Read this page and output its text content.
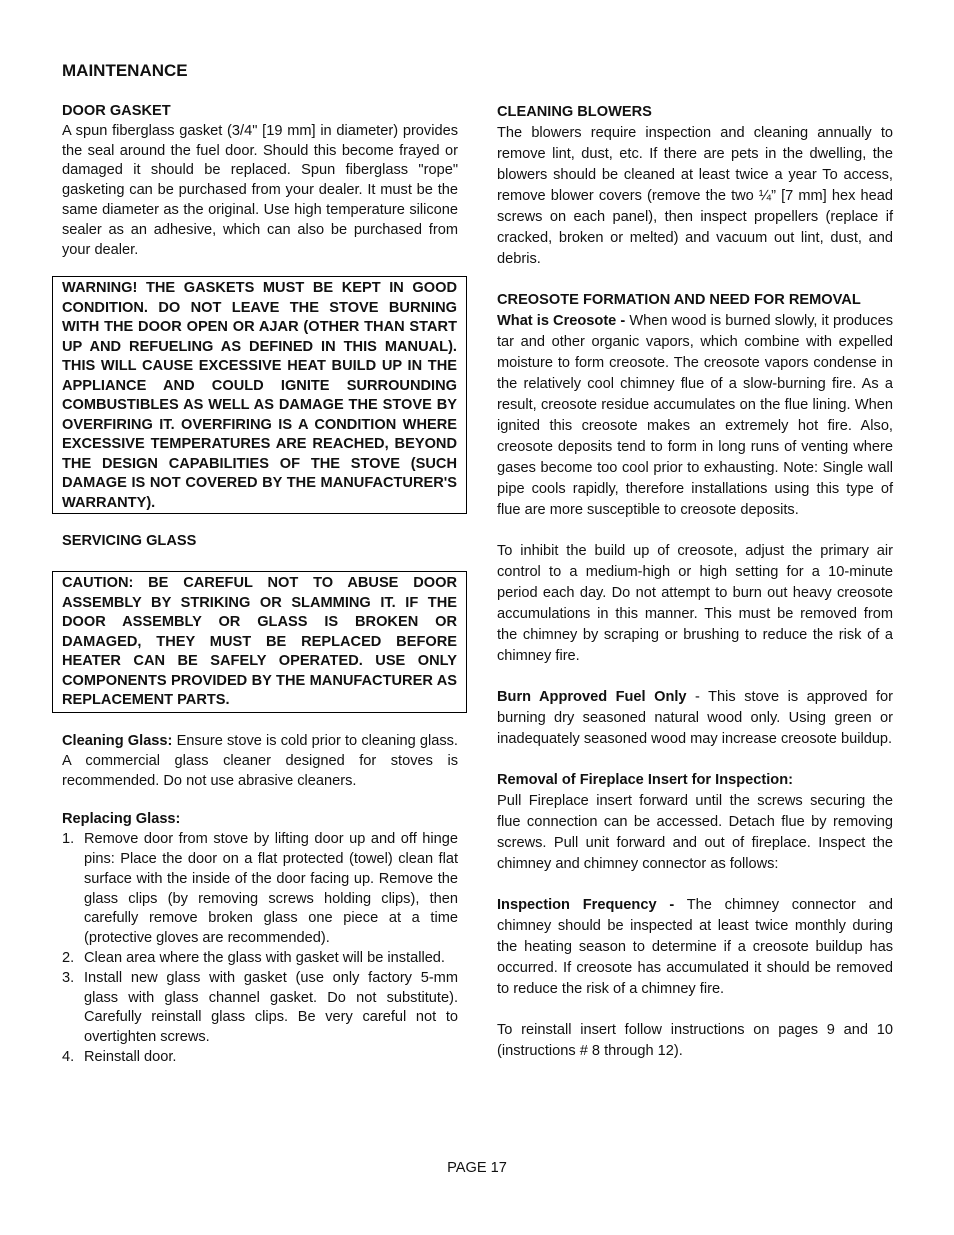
MAINTENANCE
DOOR GASKET

A spun fiberglass gasket (3/4" [19 mm] in diameter) provides the seal around the fuel door. Should this become frayed or damaged it should be replaced. Spun fiberglass "rope" gasketing can be purchased from your dealer. It must be the same diameter as the original. Use high temperature silicone sealer as an adhesive, which can also be purchased from your dealer.

WARNING! THE GASKETS MUST BE KEPT IN GOOD CONDITION. DO NOT LEAVE THE STOVE BURNING WITH THE DOOR OPEN OR AJAR (OTHER THAN START UP AND REFUELING AS DEFINED IN THIS MANUAL). THIS WILL CAUSE EXCESSIVE HEAT BUILD UP IN THE APPLIANCE AND COULD IGNITE SURROUNDING COMBUSTIBLES AS WELL AS DAMAGE THE STOVE BY OVERFIRING IT. OVERFIRING IS A CONDITION WHERE EXCESSIVE TEMPERATURES ARE REACHED, BEYOND THE DESIGN CAPABILITIES OF THE STOVE (SUCH DAMAGE IS NOT COVERED BY THE MANUFACTURER'S WARRANTY).
SERVICING GLASS
CAUTION: BE CAREFUL NOT TO ABUSE DOOR ASSEMBLY BY STRIKING OR SLAMMING IT. IF THE DOOR ASSEMBLY OR GLASS IS BROKEN OR DAMAGED, THEY MUST BE REPLACED BEFORE HEATER CAN BE SAFELY OPERATED. USE ONLY COMPONENTS PROVIDED BY THE MANUFACTURER AS REPLACEMENT PARTS.

Cleaning Glass: Ensure stove is cold prior to cleaning glass. A commercial glass cleaner designed for stoves is recommended. Do not use abrasive cleaners.

Replacing Glass:
1. Remove door from stove by lifting door up and off hinge pins: Place the door on a flat protected (towel) clean flat surface with the inside of the door facing up. Remove the glass clips (by removing screws holding clips), then carefully remove broken glass one piece at a time (protective gloves are recommended).
2. Clean area where the glass with gasket will be installed.
3. Install new glass with gasket (use only factory 5-mm glass with glass channel gasket. Do not substitute). Carefully reinstall glass clips. Be very careful not to overtighten screws.
4. Reinstall door.
CLEANING BLOWERS

The blowers require inspection and cleaning annually to remove lint, dust, etc. If there are pets in the dwelling, the blowers should be cleaned at least twice a year To access, remove blower covers (remove the two ¼” [7 mm] hex head screws on each panel), then inspect propellers (replace if cracked, broken or melted) and vacuum out lint, dust, and debris.

CREOSOTE FORMATION AND NEED FOR REMOVAL

What is Creosote - When wood is burned slowly, it produces tar and other organic vapors, which combine with expelled moisture to form creosote. The creosote vapors condense in the relatively cool chimney flue of a slow-burning fire. As a result, creosote residue accumulates on the flue lining. When ignited this creosote makes an extremely hot fire. Also, creosote deposits tend to form in long runs of venting where gases become too cool prior to exhausting. Note: Single wall pipe cools rapidly, therefore installations using this type of flue are more susceptible to creosote deposits.

To inhibit the build up of creosote, adjust the primary air control to a medium-high or high setting for a 10-minute period each day. Do not attempt to burn out heavy creosote accumulations in this manner. This must be removed from the chimney by scraping or brushing to reduce the risk of a chimney fire.

Burn Approved Fuel Only - This stove is approved for burning dry seasoned natural wood only. Using green or inadequately seasoned wood may increase creosote buildup.

Removal of Fireplace Insert for Inspection:

Pull Fireplace insert forward until the screws securing the flue connection can be accessed. Detach flue by removing screws. Pull unit forward and out of fireplace. Inspect the chimney and chimney connector as follows:

Inspection Frequency - The chimney connector and chimney should be inspected at least twice monthly during the heating season to determine if a creosote buildup has occurred. If creosote has accumulated it should be removed to reduce the risk of a chimney fire.

To reinstall insert follow instructions on pages 9 and 10 (instructions # 8 through 12).

PAGE 17
